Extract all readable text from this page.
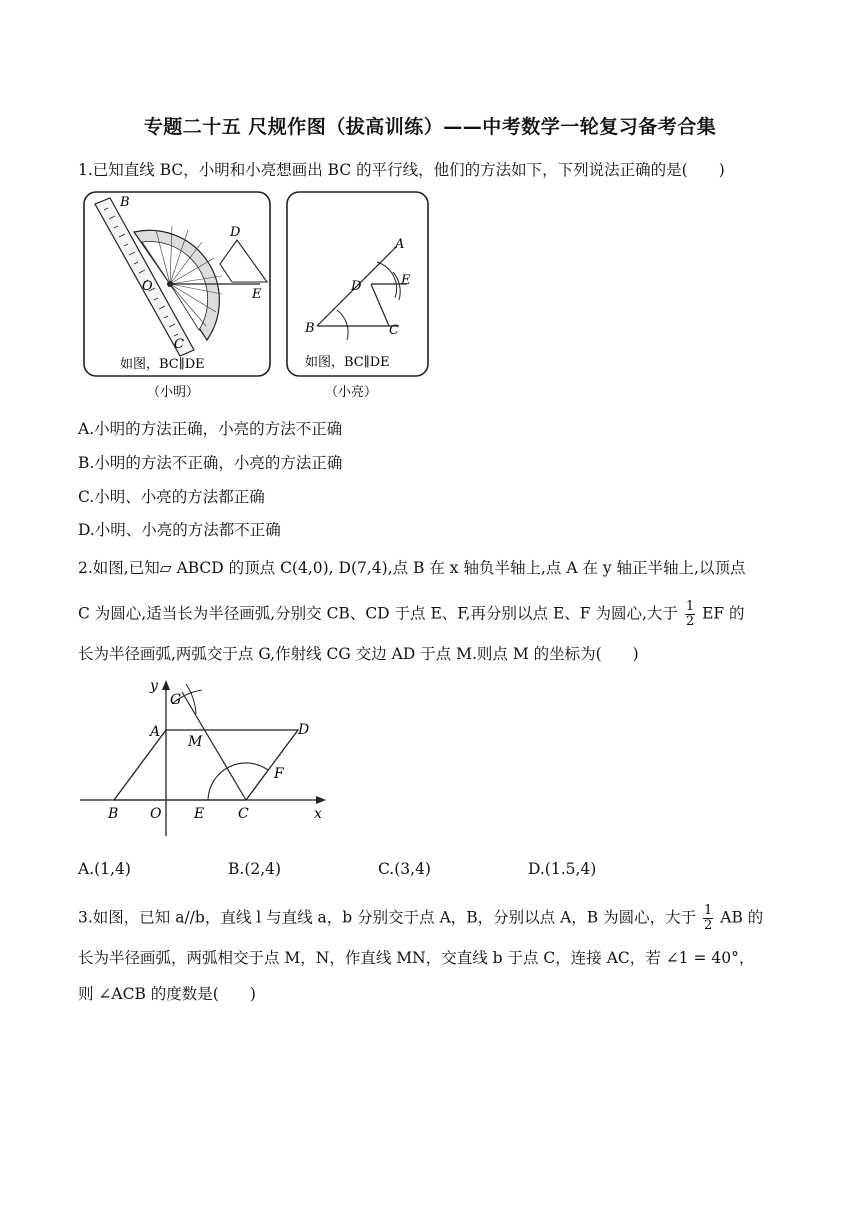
专题二十五 尺规作图（拔高训练）——中考数学一轮复习备考合集
1.已知直线 BC，小明和小亮想画出 BC 的平行线，他们的方法如下，下列说法正确的是(　　)
B
D
O
E
C
如图，BC∥DE
（小明）
A
D	E
B	C
如图，BC∥DE
（小亮）
A.小明的方法正确，小亮的方法不正确
B.小明的方法不正确，小亮的方法正确
C.小明、小亮的方法都正确
D.小明、小亮的方法都不正确
2.如图,已知▱ ABCD 的顶点 C(4,0), D(7,4),点 B 在 x 轴负半轴上,点 A 在 y 轴正半轴上,以顶点
C 为圆心,适当长为半径画弧,分别交 CB、CD 于点 E、F,再分别以点 E、F 为圆心,大于 $\frac{1}{2}$ EF 的
长为半径画弧,两弧交于点 G,作射线 CG 交边 AD 于点 M.则点 M 的坐标为(　　)
y
G
A
M
D
F
B O E C	x
A.(1,4)	B.(2,4)	C.(3,4)	D.(1.5,4)
3.如图，已知 a//b，直线 l 与直线 a，b 分别交于点 A，B，分别以点 A，B 为圆心，大于 $\frac{1}{2}$ AB 的
长为半径画弧，两弧相交于点 M，N，作直线 MN，交直线 b 于点 C，连接 AC，若 ∠1 = 40°，
则 ∠ACB 的度数是(　　)
